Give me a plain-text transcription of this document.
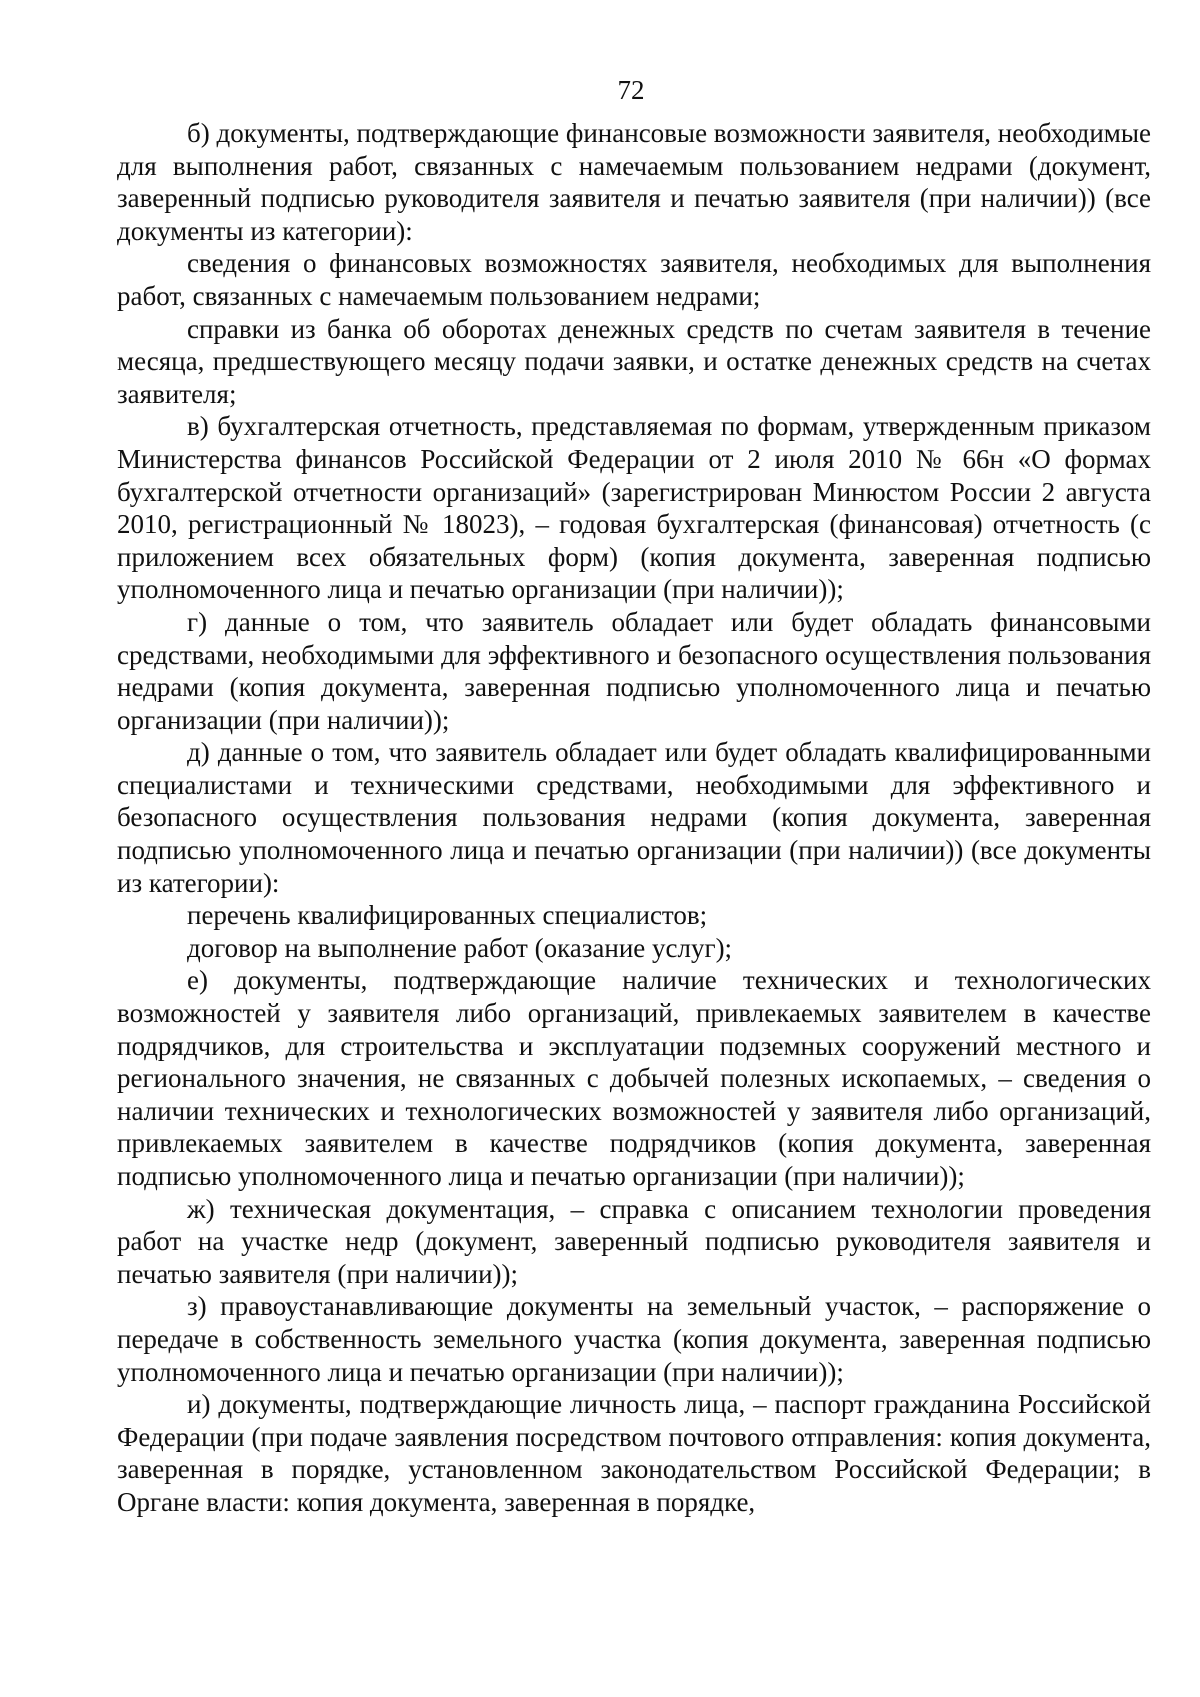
72

б) документы, подтверждающие финансовые возможности заявителя, необходимые для выполнения работ, связанных с намечаемым пользованием недрами (документ, заверенный подписью руководителя заявителя и печатью заявителя (при наличии)) (все документы из категории):

сведения о финансовых возможностях заявителя, необходимых для выполнения работ, связанных с намечаемым пользованием недрами;

справки из банка об оборотах денежных средств по счетам заявителя в течение месяца, предшествующего месяцу подачи заявки, и остатке денежных средств на счетах заявителя;

в) бухгалтерская отчетность, представляемая по формам, утвержденным приказом Министерства финансов Российской Федерации от 2 июля 2010 № 66н «О формах бухгалтерской отчетности организаций» (зарегистрирован Минюстом России 2 августа 2010, регистрационный № 18023), – годовая бухгалтерская (финансовая) отчетность (с приложением всех обязательных форм) (копия документа, заверенная подписью уполномоченного лица и печатью организации (при наличии));

г) данные о том, что заявитель обладает или будет обладать финансовыми средствами, необходимыми для эффективного и безопасного осуществления пользования недрами (копия документа, заверенная подписью уполномоченного лица и печатью организации (при наличии));

д) данные о том, что заявитель обладает или будет обладать квалифицированными специалистами и техническими средствами, необходимыми для эффективного и безопасного осуществления пользования недрами (копия документа, заверенная подписью уполномоченного лица и печатью организации (при наличии)) (все документы из категории):

перечень квалифицированных специалистов;

договор на выполнение работ (оказание услуг);

е) документы, подтверждающие наличие технических и технологических возможностей у заявителя либо организаций, привлекаемых заявителем в качестве подрядчиков, для строительства и эксплуатации подземных сооружений местного и регионального значения, не связанных с добычей полезных ископаемых, – сведения о наличии технических и технологических возможностей у заявителя либо организаций, привлекаемых заявителем в качестве подрядчиков (копия документа, заверенная подписью уполномоченного лица и печатью организации (при наличии));

ж) техническая документация, – справка с описанием технологии проведения работ на участке недр (документ, заверенный подписью руководителя заявителя и печатью заявителя (при наличии));

з) правоустанавливающие документы на земельный участок, – распоряжение о передаче в собственность земельного участка (копия документа, заверенная подписью уполномоченного лица и печатью организации (при наличии));

и) документы, подтверждающие личность лица, – паспорт гражданина Российской Федерации (при подаче заявления посредством почтового отправления: копия документа, заверенная в порядке, установленном законодательством Российской Федерации; в Органе власти: копия документа, заверенная в порядке,
